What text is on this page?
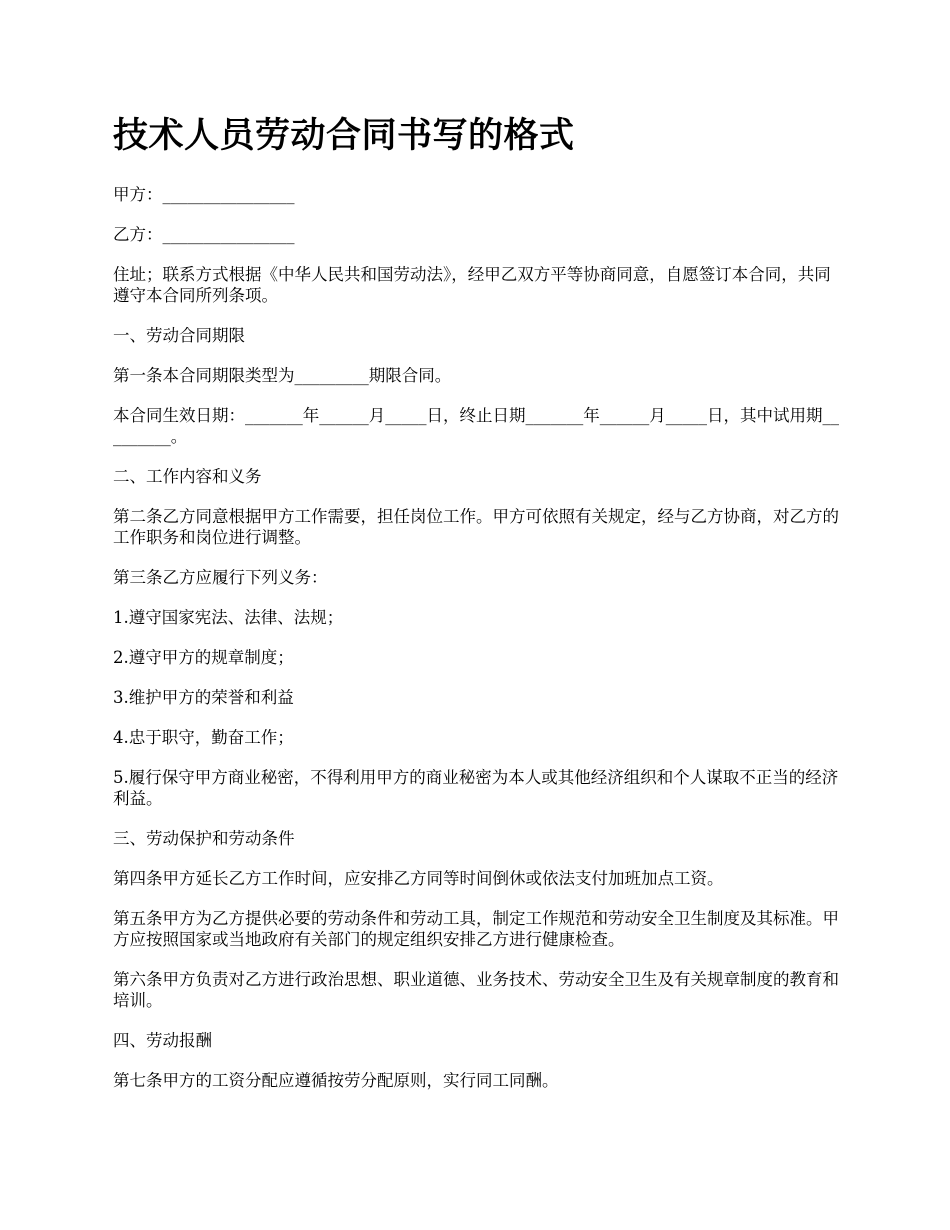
技术人员劳动合同书写的格式

甲方：________________

乙方：________________

住址；联系方式根据《中华人民共和国劳动法》，经甲乙双方平等协商同意，自愿签订本合同，共同遵守本合同所列条项。

一、劳动合同期限

第一条本合同期限类型为_________期限合同。

本合同生效日期：_______年______月_____日，终止日期_______年______月_____日，其中试用期_________。

二、工作内容和义务

第二条乙方同意根据甲方工作需要，担任岗位工作。甲方可依照有关规定，经与乙方协商，对乙方的工作职务和岗位进行调整。

第三条乙方应履行下列义务：

1.遵守国家宪法、法律、法规；

2.遵守甲方的规章制度；

3.维护甲方的荣誉和利益

4.忠于职守，勤奋工作；

5.履行保守甲方商业秘密，不得利用甲方的商业秘密为本人或其他经济组织和个人谋取不正当的经济利益。

三、劳动保护和劳动条件

第四条甲方延长乙方工作时间，应安排乙方同等时间倒休或依法支付加班加点工资。

第五条甲方为乙方提供必要的劳动条件和劳动工具，制定工作规范和劳动安全卫生制度及其标准。甲方应按照国家或当地政府有关部门的规定组织安排乙方进行健康检查。

第六条甲方负责对乙方进行政治思想、职业道德、业务技术、劳动安全卫生及有关规章制度的教育和培训。

四、劳动报酬

第七条甲方的工资分配应遵循按劳分配原则，实行同工同酬。
